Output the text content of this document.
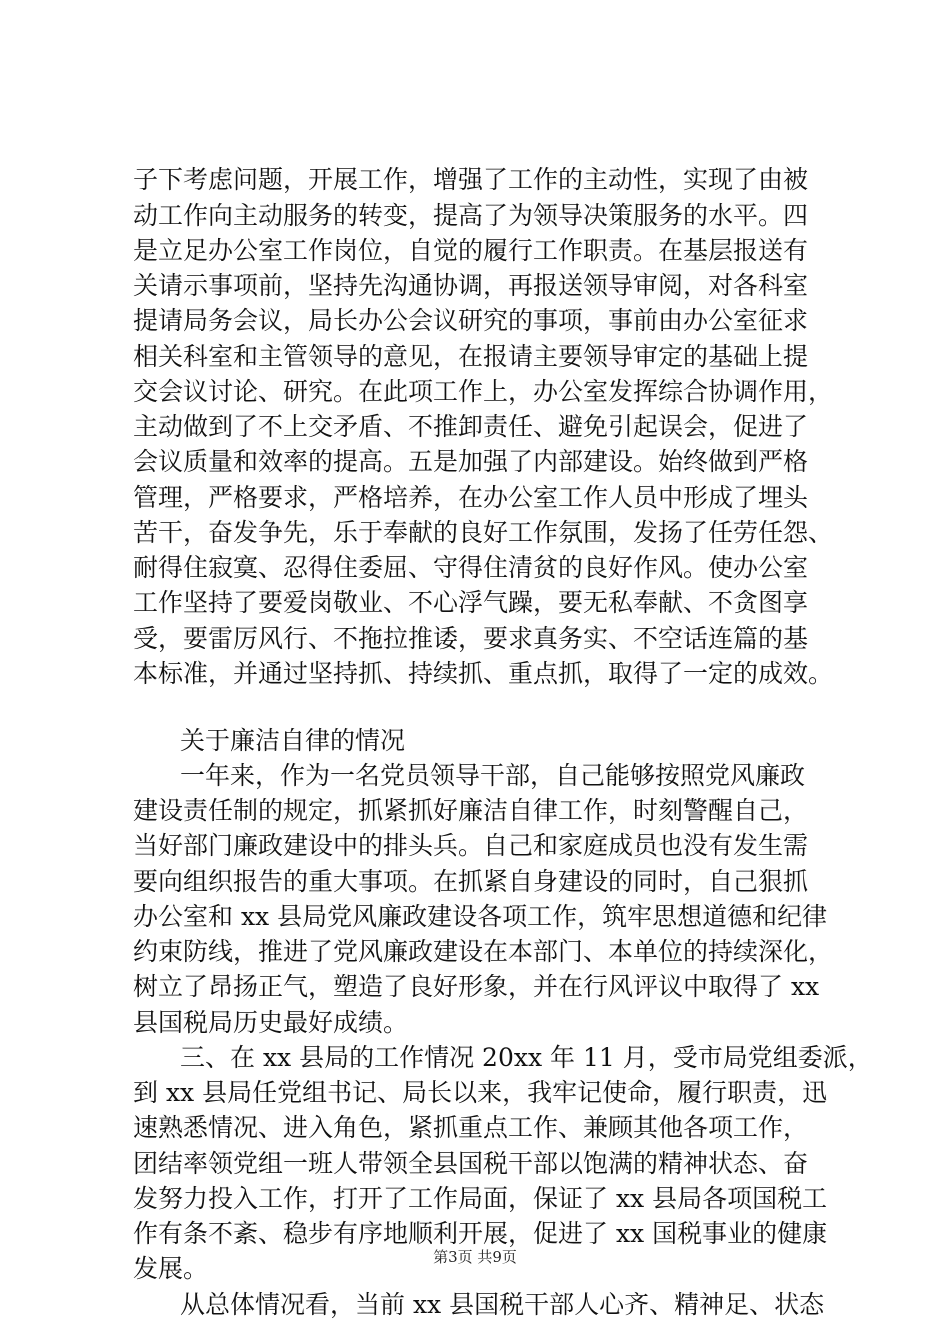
子下考虑问题，开展工作，增强了工作的主动性，实现了由被
动工作向主动服务的转变，提高了为领导决策服务的水平。四
是立足办公室工作岗位，自觉的履行工作职责。在基层报送有
关请示事项前，坚持先沟通协调，再报送领导审阅，对各科室
提请局务会议，局长办公会议研究的事项，事前由办公室征求
相关科室和主管领导的意见，在报请主要领导审定的基础上提
交会议讨论、研究。在此项工作上，办公室发挥综合协调作用，
主动做到了不上交矛盾、不推卸责任、避免引起误会，促进了
会议质量和效率的提高。五是加强了内部建设。始终做到严格
管理，严格要求，严格培养，在办公室工作人员中形成了埋头
苦干，奋发争先，乐于奉献的良好工作氛围，发扬了任劳任怨、
耐得住寂寞、忍得住委屈、守得住清贫的良好作风。使办公室
工作坚持了要爱岗敬业、不心浮气躁，要无私奉献、不贪图享
受，要雷厉风行、不拖拉推诿，要求真务实、不空话连篇的基
本标准，并通过坚持抓、持续抓、重点抓，取得了一定的成效。
关于廉洁自律的情况
一年来，作为一名党员领导干部，自己能够按照党风廉政
建设责任制的规定，抓紧抓好廉洁自律工作，时刻警醒自己，
当好部门廉政建设中的排头兵。自己和家庭成员也没有发生需
要向组织报告的重大事项。在抓紧自身建设的同时，自己狠抓
办公室和 xx 县局党风廉政建设各项工作，筑牢思想道德和纪律
约束防线，推进了党风廉政建设在本部门、本单位的持续深化，
树立了昂扬正气，塑造了良好形象，并在行风评议中取得了 xx
县国税局历史最好成绩。
三、在 xx 县局的工作情况 20xx 年 11 月，受市局党组委派，
到 xx 县局任党组书记、局长以来，我牢记使命，履行职责，迅
速熟悉情况、进入角色，紧抓重点工作、兼顾其他各项工作，
团结率领党组一班人带领全县国税干部以饱满的精神状态、奋
发努力投入工作，打开了工作局面，保证了 xx 县局各项国税工
作有条不紊、稳步有序地顺利开展，促进了 xx 国税事业的健康
发展。
从总体情况看，当前 xx 县国税干部人心齐、精神足、状态
第3页 共9页
